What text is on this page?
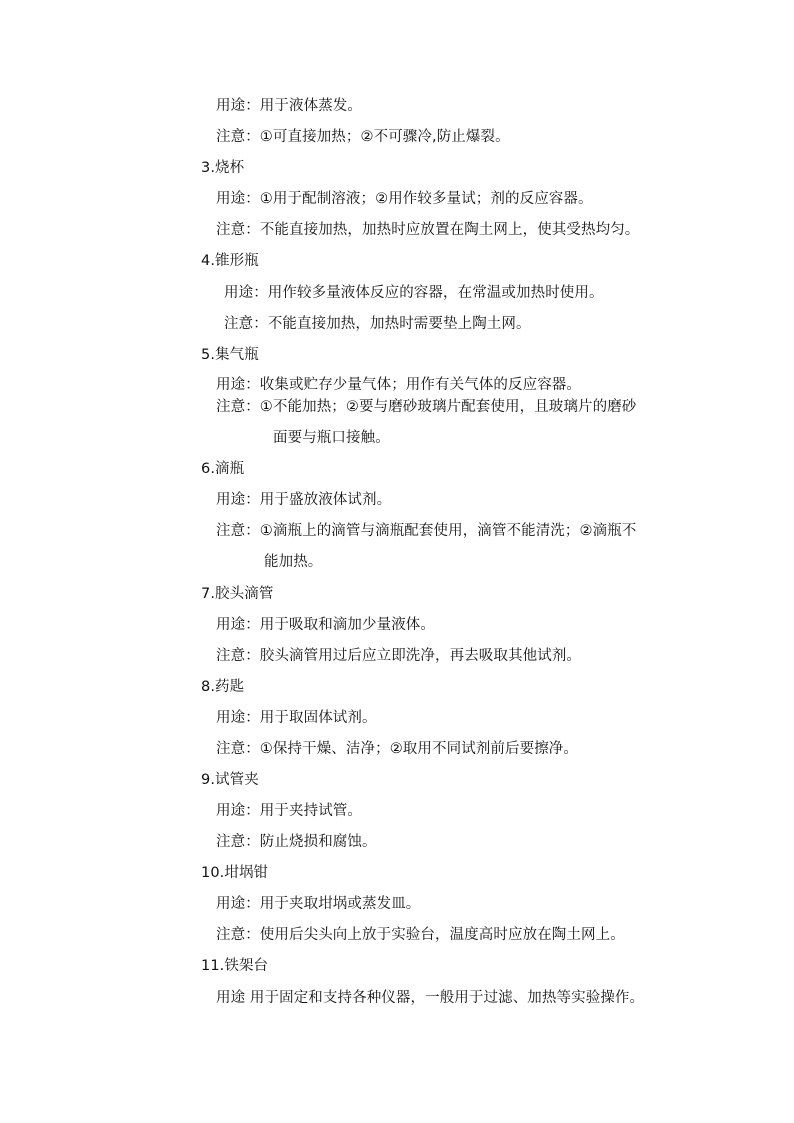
用途：用于液体蒸发。
注意：①可直接加热；②不可骤冷,防止爆裂。
3.烧杯
用途：①用于配制溶液；②用作较多量试；剂的反应容器。
注意：不能直接加热，加热时应放置在陶土网上，使其受热均匀。
4.锥形瓶
用途：用作较多量液体反应的容器，在常温或加热时使用。
注意：不能直接加热，加热时需要垫上陶土网。
5.集气瓶
用途：收集或贮存少量气体；用作有关气体的反应容器。
注意：①不能加热；②要与磨砂玻璃片配套使用，且玻璃片的磨砂
面要与瓶口接触。
6.滴瓶
用途：用于盛放液体试剂。
注意：①滴瓶上的滴管与滴瓶配套使用，滴管不能清洗；②滴瓶不
能加热。
7.胶头滴管
用途：用于吸取和滴加少量液体。
注意：胶头滴管用过后应立即洗净，再去吸取其他试剂。
8.药匙
用途：用于取固体试剂。
注意：①保持干燥、洁净；②取用不同试剂前后要擦净。
9.试管夹
用途：用于夹持试管。
注意：防止烧损和腐蚀。
10.坩埚钳
用途：用于夹取坩埚或蒸发皿。
注意：使用后尖头向上放于实验台，温度高时应放在陶土网上。
11.铁架台
用途 用于固定和支持各种仪器，一般用于过滤、加热等实验操作。
